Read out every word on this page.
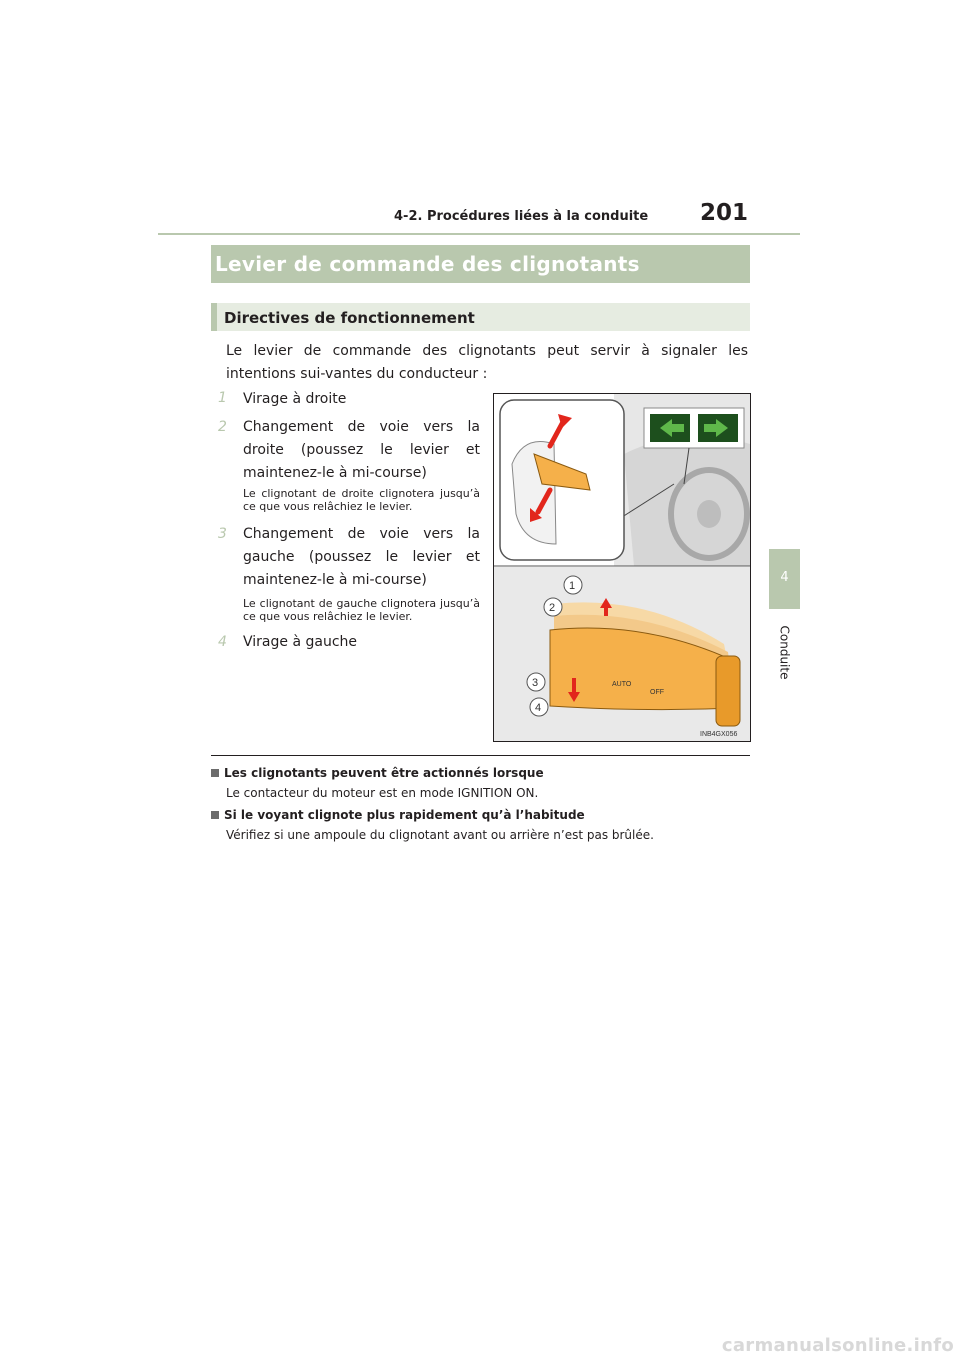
4-2. Procédures liées à la conduite 201
4
Conduite
Levier de commande des clignotants
Directives de fonctionnement
Le levier de commande des clignotants peut servir à signaler les intentions sui-vantes du conducteur :
1 Virage à droite
2 Changement de voie vers la droite (poussez le levier et maintenez-le à mi-course)
Le clignotant de droite clignotera jusqu’à ce que vous relâchiez le levier.
3 Changement de voie vers la gauche (poussez le levier et maintenez-le à mi-course)
Le clignotant de gauche clignotera jusqu’à ce que vous relâchiez le levier.
4 Virage à gauche
AUTO
OFF
1
2
3
4
INB4GX056
Les clignotants peuvent être actionnés lorsque
Le contacteur du moteur est en mode IGNITION ON.
Si le voyant clignote plus rapidement qu’à l’habitude
Vérifiez si une ampoule du clignotant avant ou arrière n’est pas brûlée.
carmanualsonline.info
